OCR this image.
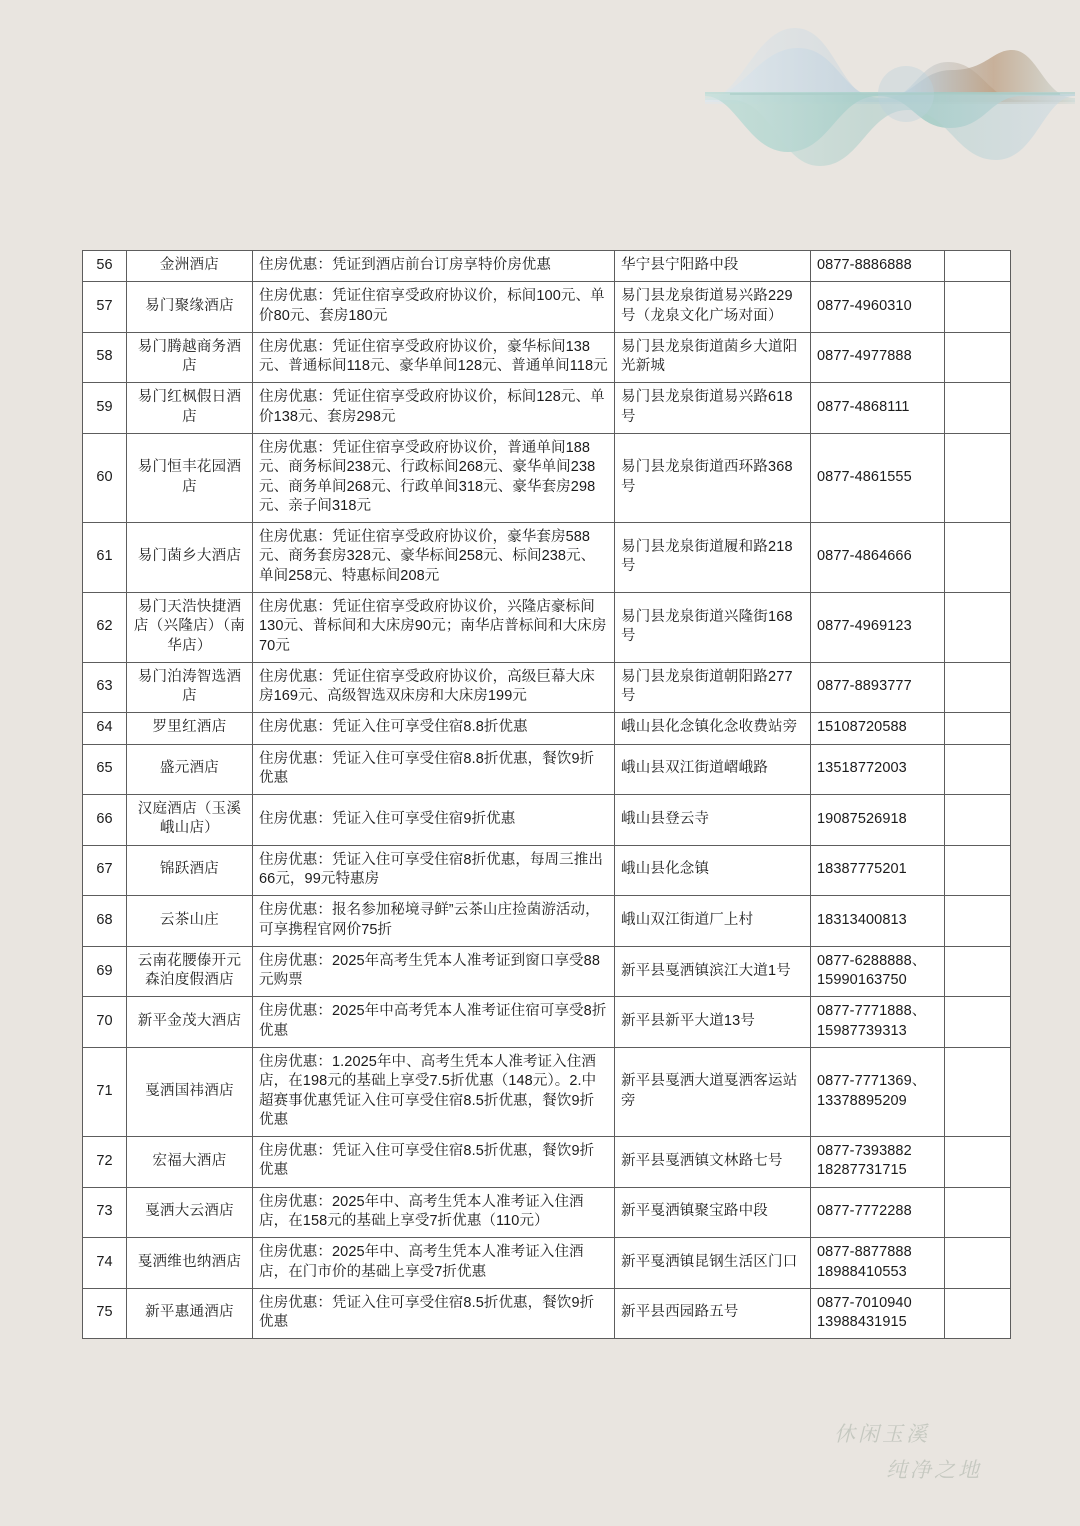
56	金洲酒店	住房优惠：凭证到酒店前台订房享特价房优惠	华宁县宁阳路中段	0877-8886888	
57	易门聚缘酒店	住房优惠：凭证住宿享受政府协议价，标间100元、单价80元、套房180元	易门县龙泉街道易兴路229号（龙泉文化广场对面）	0877-4960310	
58	易门腾越商务酒店	住房优惠：凭证住宿享受政府协议价，豪华标间138元、普通标间118元、豪华单间128元、普通单间118元	易门县龙泉街道菌乡大道阳光新城	0877-4977888	
59	易门红枫假日酒店	住房优惠：凭证住宿享受政府协议价，标间128元、单价138元、套房298元	易门县龙泉街道易兴路618号	0877-4868111	
60	易门恒丰花园酒店	住房优惠：凭证住宿享受政府协议价，普通单间188元、商务标间238元、行政标间268元、豪华单间238元、商务单间268元、行政单间318元、豪华套房298元、亲子间318元	易门县龙泉街道西环路368号	0877-4861555	
61	易门菌乡大酒店	住房优惠：凭证住宿享受政府协议价，豪华套房588元、商务套房328元、豪华标间258元、标间238元、单间258元、特惠标间208元	易门县龙泉街道履和路218号	0877-4864666	
62	易门天浩快捷酒店（兴隆店）（南华店）	住房优惠：凭证住宿享受政府协议价，兴隆店豪标间130元、普标间和大床房90元；南华店普标间和大床房70元	易门县龙泉街道兴隆街168号	0877-4969123	
63	易门泊涛智选酒店	住房优惠：凭证住宿享受政府协议价，高级巨幕大床房169元、高级智选双床房和大床房199元	易门县龙泉街道朝阳路277号	0877-8893777	
64	罗里红酒店	住房优惠：凭证入住可享受住宿8.8折优惠	峨山县化念镇化念收费站旁	15108720588	
65	盛元酒店	住房优惠：凭证入住可享受住宿8.8折优惠，餐饮9折优惠	峨山县双江街道嶍峨路	13518772003	
66	汉庭酒店（玉溪峨山店）	住房优惠：凭证入住可享受住宿9折优惠	峨山县登云寺	19087526918	
67	锦跃酒店	住房优惠：凭证入住可享受住宿8折优惠，每周三推出66元，99元特惠房	峨山县化念镇	18387775201	
68	云茶山庄	住房优惠：报名参加秘境寻鲜”云茶山庄捡菌游活动，可享携程官网价75折	峨山双江街道厂上村	18313400813	
69	云南花腰傣开元森泊度假酒店	住房优惠：2025年高考生凭本人准考证到窗口享受88元购票	新平县戛洒镇滨江大道1号	0877-6288888、
15990163750	
70	新平金茂大酒店	住房优惠：2025年中高考凭本人准考证住宿可享受8折优惠	新平县新平大道13号	0877-7771888、
15987739313	
71	戛洒国祎酒店	住房优惠：1.2025年中、高考生凭本人准考证入住酒店，在198元的基础上享受7.5折优惠（148元）。2.中超赛事优惠凭证入住可享受住宿8.5折优惠，餐饮9折优惠	新平县戛洒大道戛洒客运站旁	0877-7771369、
13378895209	
72	宏福大酒店	住房优惠：凭证入住可享受住宿8.5折优惠，餐饮9折优惠	新平县戛洒镇文林路七号	0877-7393882
18287731715	
73	戛洒大云酒店	住房优惠：2025年中、高考生凭本人准考证入住酒店，在158元的基础上享受7折优惠（110元）	新平戛洒镇聚宝路中段	0877-7772288	
74	戛洒维也纳酒店	住房优惠：2025年中、高考生凭本人准考证入住酒店，在门市价的基础上享受7折优惠	新平戛洒镇昆钢生活区门口	0877-8877888
18988410553	
75	新平惠通酒店	住房优惠：凭证入住可享受住宿8.5折优惠，餐饮9折优惠	新平县西园路五号	0877-7010940
13988431915	
休闲玉溪
纯净之地
